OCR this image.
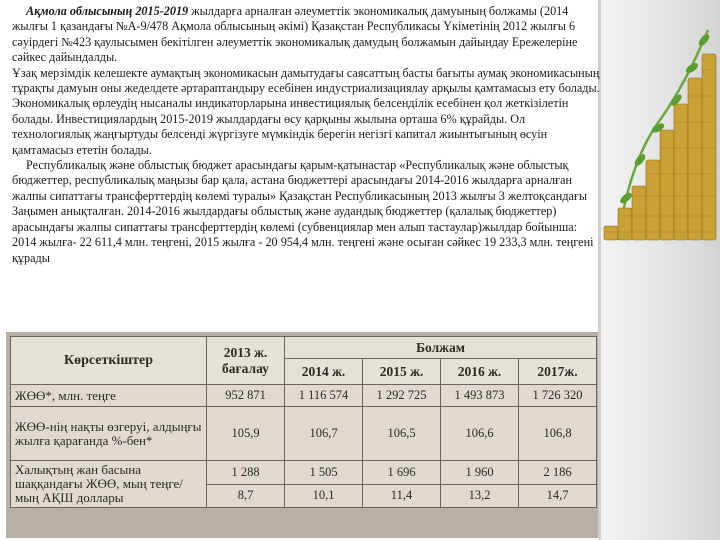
Ақмола облысының 2015-2019 жылдарға арналған әлеуметтік экономикалық дамуының болжамы (2014 жылғы 1 қазандағы №А-9/478 Ақмола облысының әкімі) Қазақстан Республикасы Үкіметінің 2012 жылғы 6 сәуірдегі №423 қаулысымен бекітілген әлеуметтік экономикалық дамудың болжамын дайындау Ережелеріне сәйкес дайындалды.

Ұзақ мерзімдік келешекте аумақтың экономикасын дамытудағы саясаттың басты бағыты аумақ экономикасының тұрақты дамуын оны жеделдете әртараптандыру есебінен индустриализациялау арқылы қамтамасыз ету болады.

Экономикалық өрлеудің нысаналы индикаторларына инвестициялық белсендiлiк есебiнен қол жеткiзiлетiн болады. Инвестициялардың 2015-2019 жылдардағы өсу қарқыны жылына орташа 6% құрайды. Ол технологиялық жаңғыртуды белсендi жүргiзуге мүмкiндiк берегiн негiзгi капитал жиынтығының өсуiн қамтамасыз ететiн болады.

Республикалық және облыстық бюджет арасындағы қарым-қатынастар «Республикалық және облыстық бюджеттер, республикалық маңызы бар қала, астана бюджеттері арасындағы 2014-2016 жылдарға арналған жалпы сипаттағы трансферттердің көлемі туралы» Қазақстан Республикасының 2013 жылғы 3 желтоқсандағы Заңымен анықталған. 2014-2016 жылдардағы облыстық және аудандық бюджеттер (қалалық бюджеттер) арасындағы жалпы сипаттағы трансферттердің көлемі (субвенциялар мен алып тастаулар)жылдар бойынша: 2014 жылға- 22 611,4 млн. теңгені, 2015 жылға - 20 954,4 млн. теңгені және осыған сәйкес 19 233,3 млн. теңгені құрады

Көрсеткіштер	2013 ж. бағалау	Болжам			
		2014 ж.	2015 ж.	2016 ж.	2017ж.
ЖӨӨ*, млн. теңге	952 871	1 116 574	1 292 725	1 493 873	1 726 320
ЖӨӨ-нің нақты өзгеруі, алдыңғы жылға қарағанда %-бен*	105,9	106,7	106,5	106,6	106,8
Халықтың жан басына шаққандағы ЖӨӨ, мың теңге/ мың АҚШ доллары	1 288	1 505	1 696	1 960	2 186
	8,7	10,1	11,4	13,2	14,7
